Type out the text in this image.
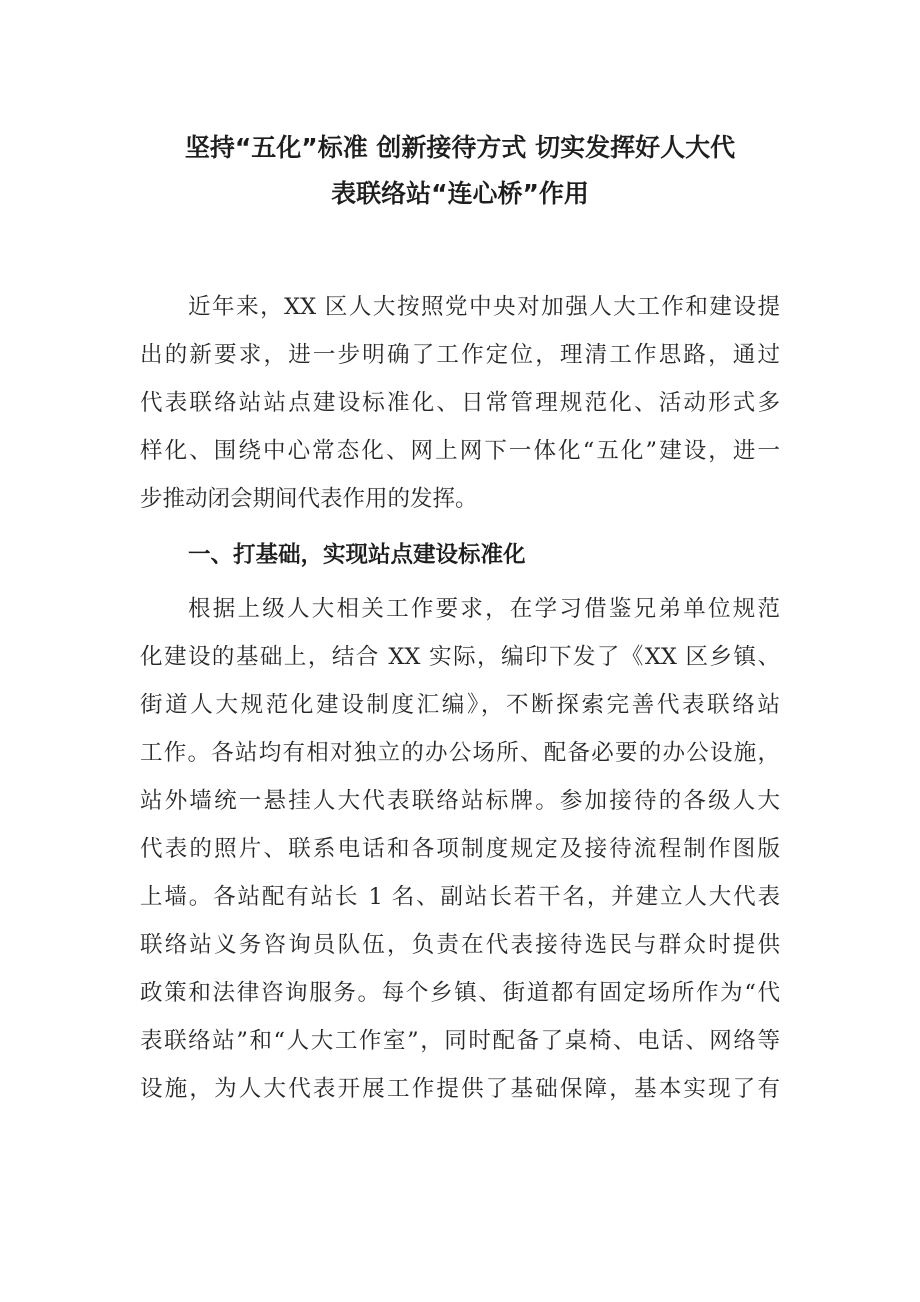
坚持“五化”标准 创新接待方式 切实发挥好人大代
表联络站“连心桥”作用

近年来，XX 区人大按照党中央对加强人大工作和建设提

出的新要求，进一步明确了工作定位，理清工作思路，通过

代表联络站站点建设标准化、日常管理规范化、活动形式多

样化、围绕中心常态化、网上网下一体化“五化”建设，进一

步推动闭会期间代表作用的发挥。

一、打基础，实现站点建设标准化

根据上级人大相关工作要求，在学习借鉴兄弟单位规范

化建设的基础上，结合 XX 实际，编印下发了《XX 区乡镇、

街道人大规范化建设制度汇编》，不断探索完善代表联络站

工作。各站均有相对独立的办公场所、配备必要的办公设施，

站外墙统一悬挂人大代表联络站标牌。参加接待的各级人大

代表的照片、联系电话和各项制度规定及接待流程制作图版

上墙。各站配有站长 1 名、副站长若干名，并建立人大代表

联络站义务咨询员队伍，负责在代表接待选民与群众时提供

政策和法律咨询服务。每个乡镇、街道都有固定场所作为“代

表联络站”和“人大工作室”，同时配备了桌椅、电话、网络等

设施，为人大代表开展工作提供了基础保障，基本实现了有
